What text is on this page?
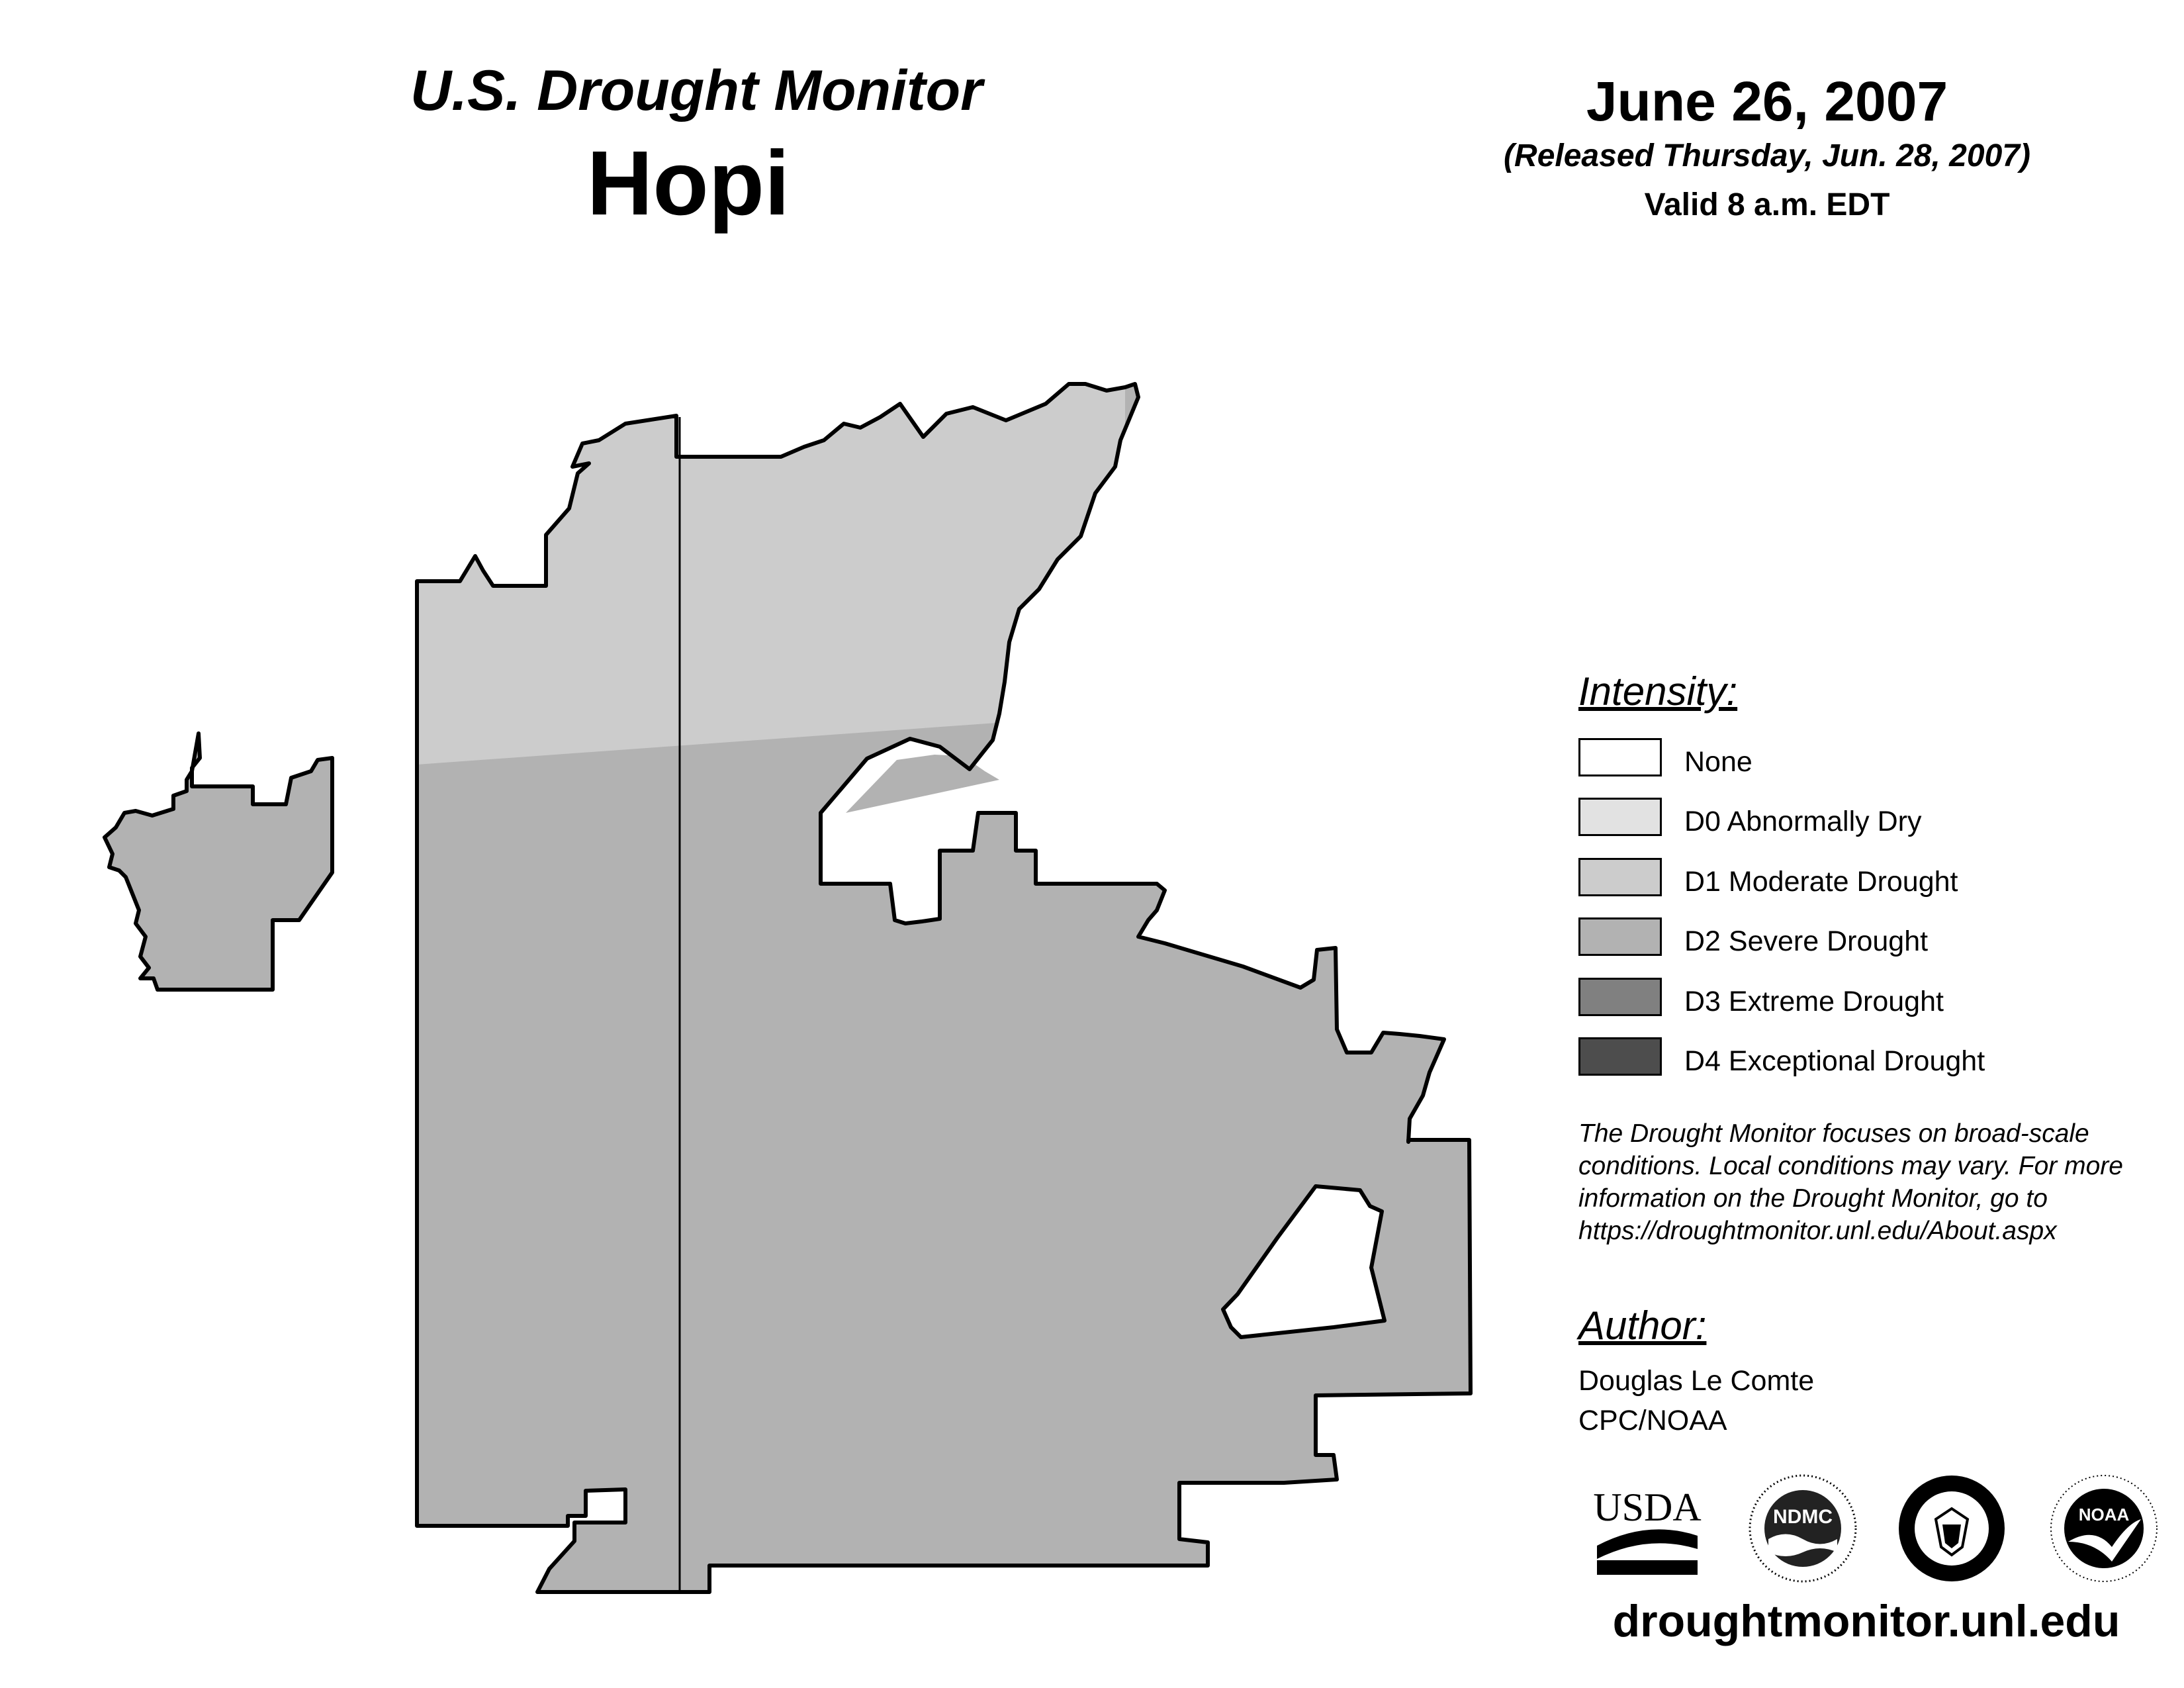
U.S. Drought Monitor
Hopi
June 26, 2007
(Released Thursday, Jun. 28, 2007)
Valid 8 a.m. EDT
Intensity:
None
D0 Abnormally Dry
D1 Moderate Drought
D2 Severe Drought
D3 Extreme Drought
D4 Exceptional Drought
The Drought Monitor focuses on broad-scale conditions. Local conditions may vary. For more information on the Drought Monitor, go to https://droughtmonitor.unl.edu/About.aspx
Author:
Douglas Le Comte
CPC/NOAA
USDA	NDMC	NOAA
droughtmonitor.unl.edu
